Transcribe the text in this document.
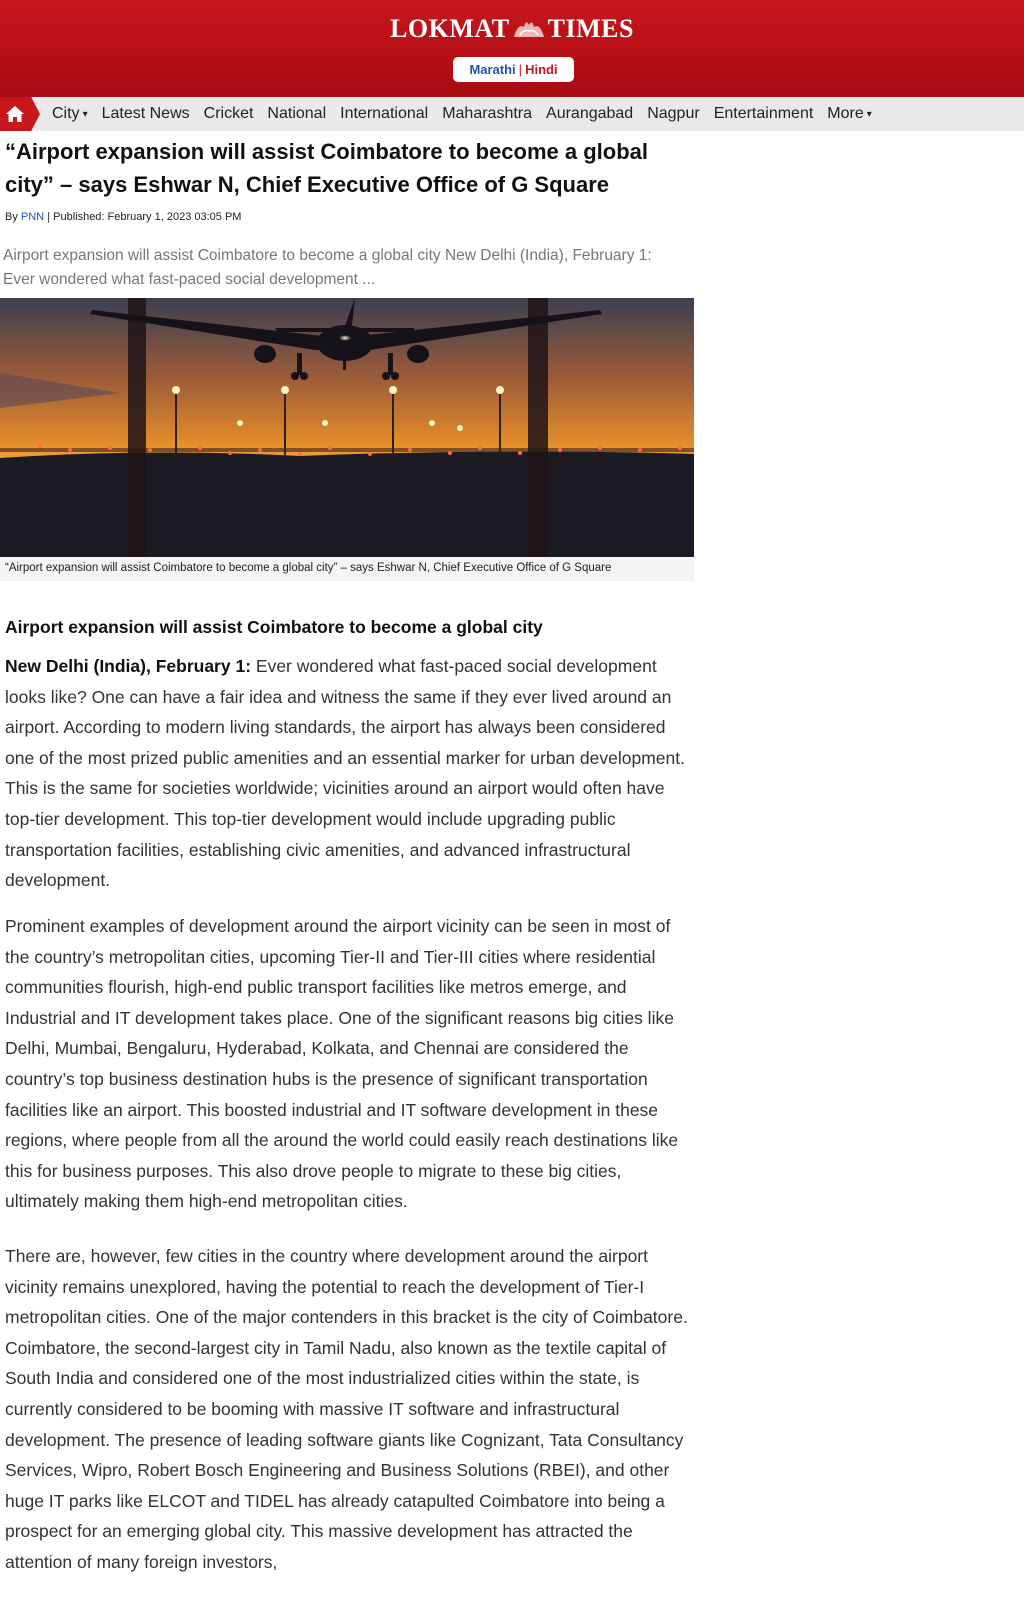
LOKMAT TIMES
Marathi | Hindi
City ▾ Latest News Cricket National International Maharashtra Aurangabad Nagpur Entertainment More ▾
“Airport expansion will assist Coimbatore to become a global city” – says Eshwar N, Chief Executive Office of G Square
By PNN | Published: February 1, 2023 03:05 PM

Airport expansion will assist Coimbatore to become a global city New Delhi (India), February 1: Ever wondered what fast-paced social development ...

“Airport expansion will assist Coimbatore to become a global city” – says Eshwar N, Chief Executive Office of G Square
Airport expansion will assist Coimbatore to become a global city

New Delhi (India), February 1: Ever wondered what fast-paced social development looks like? One can have a fair idea and witness the same if they ever lived around an airport. According to modern living standards, the airport has always been considered one of the most prized public amenities and an essential marker for urban development. This is the same for societies worldwide; vicinities around an airport would often have top-tier development. This top-tier development would include upgrading public transportation facilities, establishing civic amenities, and advanced infrastructural development.

Prominent examples of development around the airport vicinity can be seen in most of the country’s metropolitan cities, upcoming Tier-II and Tier-III cities where residential communities flourish, high-end public transport facilities like metros emerge, and Industrial and IT development takes place. One of the significant reasons big cities like Delhi, Mumbai, Bengaluru, Hyderabad, Kolkata, and Chennai are considered the country’s top business destination hubs is the presence of significant transportation facilities like an airport. This boosted industrial and IT software development in these regions, where people from all the around the world could easily reach destinations like this for business purposes. This also drove people to migrate to these big cities, ultimately making them high-end metropolitan cities.

There are, however, few cities in the country where development around the airport vicinity remains unexplored, having the potential to reach the development of Tier-I metropolitan cities. One of the major contenders in this bracket is the city of Coimbatore. Coimbatore, the second-largest city in Tamil Nadu, also known as the textile capital of South India and considered one of the most industrialized cities within the state, is currently considered to be booming with massive IT software and infrastructural development. The presence of leading software giants like Cognizant, Tata Consultancy Services, Wipro, Robert Bosch Engineering and Business Solutions (RBEI), and other huge IT parks like ELCOT and TIDEL has already catapulted Coimbatore into being a prospect for an emerging global city. This massive development has attracted the attention of many foreign investors,
